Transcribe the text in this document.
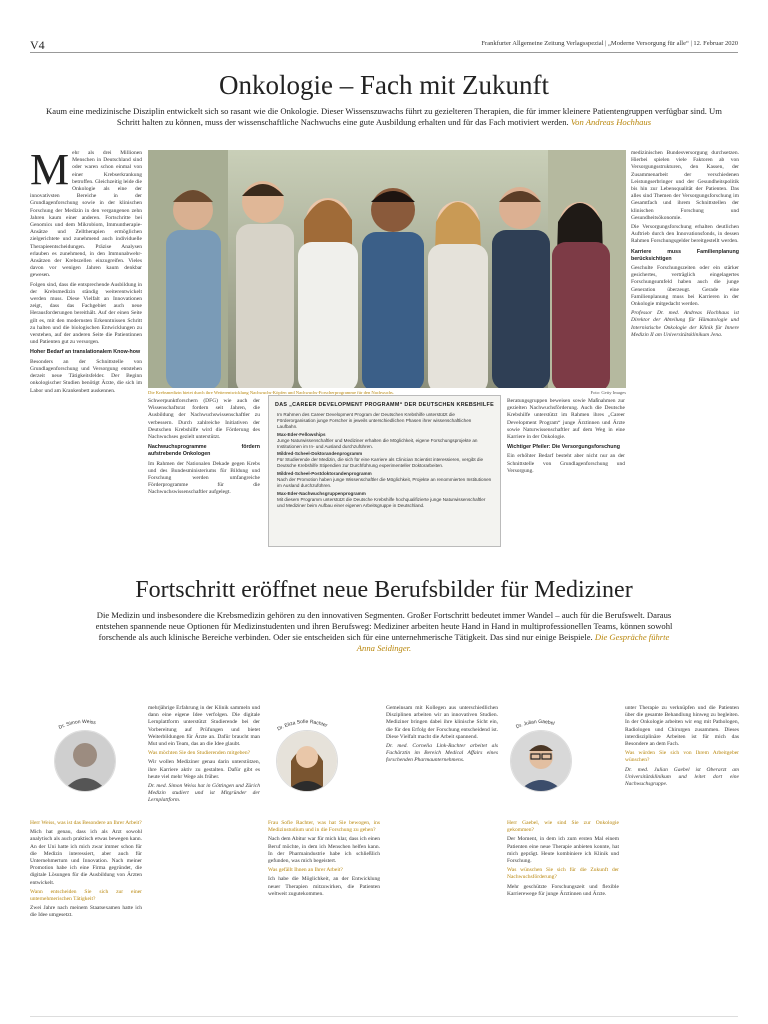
V4	Frankfurter Allgemeine Zeitung Verlagsspezial | „Moderne Versorgung für alle“ | 12. Februar 2020
Onkologie – Fach mit Zukunft
Kaum eine medizinische Disziplin entwickelt sich so rasant wie die Onkologie. Dieser Wissenszuwachs führt zu gezielteren Therapien, die für immer kleinere Patientengruppen verfügbar sind. Um Schritt halten zu können, muss der wissenschaftliche Nachwuchs eine gute Ausbildung erhalten und für das Fach motiviert werden. Von Andreas Hochhaus
Die Krebsmedizin bietet durch ihre Weiterentwicklung Nachwuchs-Köpfen und Nachwuchs-Forscherprogramme für den Nachwuchs.	Foto: Getty Images
M ehr als drei Millionen Menschen in Deutschland sind oder waren schon einmal von einer Krebserkrankung betroffen. Gleichzeitig leide die Onkologie als eine der innovativsten Bereiche in der Grundlagenforschung sowie in der klinischen Forschung der Medizin in den vergangenen zehn Jahren kaum einer anderen. Fortschritte bei Genomics und dem Mikrobiom, Immuntherapie-Ansätze und Zelltherapien ermöglichen zielgerichtete und zunehmend auch individuelle Therapieentscheidungen. Präzise Analysen erlauben es zunehmend, in den Immunabwehr-Ansätzen der Krebszellen einzugreifen. Vieles davon vor wenigen Jahren kaum denkbar gewesen.

Folgen sind, dass die entsprechende Ausbildung in der Krebsmedizin ständig weiterentwickelt werden muss. Diese Vielfalt an Innovationen zeigt, dass das Fachgebiet auch neue Herausforderungen bereithält. Auf der einen Seite gilt es, mit den modernsten Erkenntnissen Schritt zu halten und die biologischen Entwicklungen zu verstehen, auf der anderen Seite die Patientinnen und Patienten gut zu versorgen.

Hoher Bedarf an translationalem Know-how

Besonders an der Schnittstelle von Grundlagenforschung und Versorgung entstehen derzeit neue Tätigkeitsfelder. Der Beginn onkologischer Studien benötigt Ärzte, die sich im Labor und am Krankenbett auskennen.

Schwerpunktforschern (DFG) wie auch der Wissenschaftsrat fordern seit Jahren, die Ausbildung der Nachwuchswissenschaftler zu verbessern. Durch zahlreiche Initiativen der Deutschen Krebshilfe wird die Förderung des Nachwuchses gezielt unterstützt.

Nachwuchsprogramme fördern aufstrebende Onkologen

Im Rahmen der Nationalen Dekade gegen Krebs und des Bundesministeriums für Bildung und Forschung werden umfangreiche Förderprogramme für die Nachwuchswissenschaftler aufgelegt.

DAS „CAREER DEVELOPMENT PROGRAMM“ DER DEUTSCHEN KREBSHILFE
Im Rahmen des Career Development Program der Deutschen Krebshilfe unterstützt die Förderorganisation junge Forscher in jeweils unterschiedlichen Phasen ihrer wissenschaftlichen Laufbahn.
Max-Eder-Fellowships
Junge Naturwissenschaftler und Mediziner erhalten die Möglichkeit, eigene Forschungsprojekte an Institutionen im In- und Ausland durchzuführen.
Mildred-Scheel-Doktorandenprogramm
Für Studierende der Medizin, die sich für eine Karriere als Clinician Scientist interessieren, vergibt die Deutsche Krebshilfe Stipendien zur Durchführung experimenteller Doktorarbeiten.
Mildred-Scheel-Postdoktorandenprogramm
Nach der Promotion haben junge Wissenschaftler die Möglichkeit, Projekte an renommierten Institutionen im Ausland durchzuführen.
Max-Eder-Nachwuchsgruppenprogramm
Mit diesem Programm unterstützt die Deutsche Krebshilfe hochqualifizierte junge Naturwissenschaftler und Mediziner beim Aufbau einer eigenen Arbeitsgruppe in Deutschland.

Beratungsgruppen beweisen sowie Maßnahmen zur gezielten Nachwuchsförderung. Auch die Deutsche Krebshilfe unterstützt im Rahmen ihres „Career Development Program“ junge Ärztinnen und Ärzte sowie Naturwissenschaftler auf dem Weg in eine Karriere in der Onkologie.

Wichtiger Pfeiler: Die Versorgungsforschung

Ein erhöhter Bedarf besteht aber nicht nur an der Schnittstelle von Grundlagenforschung und Versorgung.

medizinischen Bundesversorgung durchsetzen. Hierbei spielen viele Faktoren ab von Versorgungsstrukturen, den Kassen, der Zusammenarbeit der verschiedenen Leistungserbringer und der Gesundheitspolitik bis hin zur Lebensqualität der Patienten. Das alles sind Themen der Versorgungsforschung im Gesamtfach und ihrem Schnittstellen der klinischen Forschung und Gesundheitsökonomie.

Die Versorgungsforschung erhalten deutlichen Auftrieb durch den Innovationsfonds, in dessen Rahmen Forschungsgelder bereitgestellt werden.

Karriere muss Familienplanung berücksichtigen

Geschulte Forschungszeiten oder ein stärker gesichertes, verträglich eingelagertes Forschungsumfeld haben auch die junge Generation überzeugt. Gerade eine Familienplanung muss bei Karrieren in der Onkologie mitgedacht werden.

Professor Dr. med. Andreas Hochhaus ist Direktor der Abteilung für Hämatologie und Internistische Onkologie der Klinik für Innere Medizin II am Universitätsklinikum Jena.

Fortschritt eröffnet neue Berufsbilder für Mediziner
Die Medizin und insbesondere die Krebsmedizin gehören zu den innovativen Segmenten. Großer Fortschritt bedeutet immer Wandel – auch für die Berufswelt. Daraus entstehen spannende neue Optionen für Medizinstudenten und ihren Berufsweg: Mediziner arbeiten heute Hand in Hand in multiprofessionellen Teams, können sowohl forschende als auch klinische Bereiche verbinden. Oder sie entscheiden sich für eine unternehmerische Tätigkeit. Das sind nur einige Beispiele. Die Gespräche führte Anna Seidinger.
Dr. Simon Weiss
Dr. Eliza Sofie Rachter	Dr. Julian Gaebel

Herr Weiss, was ist das Besondere an Ihrer Arbeit?

Mich hat genau, dass ich als Arzt sowohl analytisch als auch praktisch etwas bewegen kann. An der Uni hatte ich mich zwar immer schon für die Medizin interessiert, aber auch für Unternehmertum und Innovation. Nach meiner Promotion habe ich eine Firma gegründet, die digitale Lösungen für die Ausbildung von Ärzten entwickelt.

Wann entscheiden Sie sich zur einer unternehmerischen Tätigkeit?

Zwei Jahre nach meinem Staatsexamen hatte ich die Idee umgesetzt.

mehrjährige Erfahrung in der Klinik sammeln und dann eine eigene Idee verfolgen. Die digitale Lernplattform unterstützt Studierende bei der Vorbereitung auf Prüfungen und bietet Weiterbildungen für Ärzte an. Dafür braucht man Mut und ein Team, das an die Idee glaubt.

Was möchten Sie den Studierenden mitgeben?

Wir wollen Mediziner genau darin unterstützen, ihre Karriere aktiv zu gestalten. Dafür gibt es heute viel mehr Wege als früher.

Dr. med. Simon Weiss hat in Göttingen und Zürich Medizin studiert und ist Mitgründer der Lernplattform.

Frau Sofie Rachter, was hat Sie bewogen, ins Medizinstudium und in die Forschung zu gehen?

Nach dem Abitur war für mich klar, dass ich einen Beruf möchte, in dem ich Menschen helfen kann. In der Pharmaindustrie habe ich schließlich gefunden, was mich begeistert.

Was gefällt Ihnen an Ihrer Arbeit?

Ich habe die Möglichkeit, an der Entwicklung neuer Therapien mitzuwirken, die Patienten weltweit zugutekommen.

Gemeinsam mit Kollegen aus unterschiedlichen Disziplinen arbeiten wir an innovativen Studien. Mediziner bringen dabei ihre klinische Sicht ein, die für den Erfolg der Forschung entscheidend ist. Diese Vielfalt macht die Arbeit spannend.

Dr. med. Cornelia Link-Rachter arbeitet als Fachärztin im Bereich Medical Affairs eines forschenden Pharmaunternehmens.

Herr Gaebel, wie sind Sie zur Onkologie gekommen?

Der Moment, in dem ich zum ersten Mal einem Patienten eine neue Therapie anbieten konnte, hat mich geprägt. Heute kombiniere ich Klinik und Forschung.

Was wünschen Sie sich für die Zukunft der Nachwuchsförderung?

Mehr geschützte Forschungszeit und flexible Karrierewege für junge Ärztinnen und Ärzte.

unter Therapie zu verknüpfen und die Patienten über die gesamte Behandlung hinweg zu begleiten. In der Onkologie arbeiten wir eng mit Pathologen, Radiologen und Chirurgen zusammen. Dieses interdisziplinäre Arbeiten ist für mich das Besondere an dem Fach.

Was würden Sie sich von Ihrem Arbeitgeber wünschen?

Dr. med. Julian Gaebel ist Oberarzt am Universitätsklinikum und leitet dort eine Nachwuchsgruppe.
